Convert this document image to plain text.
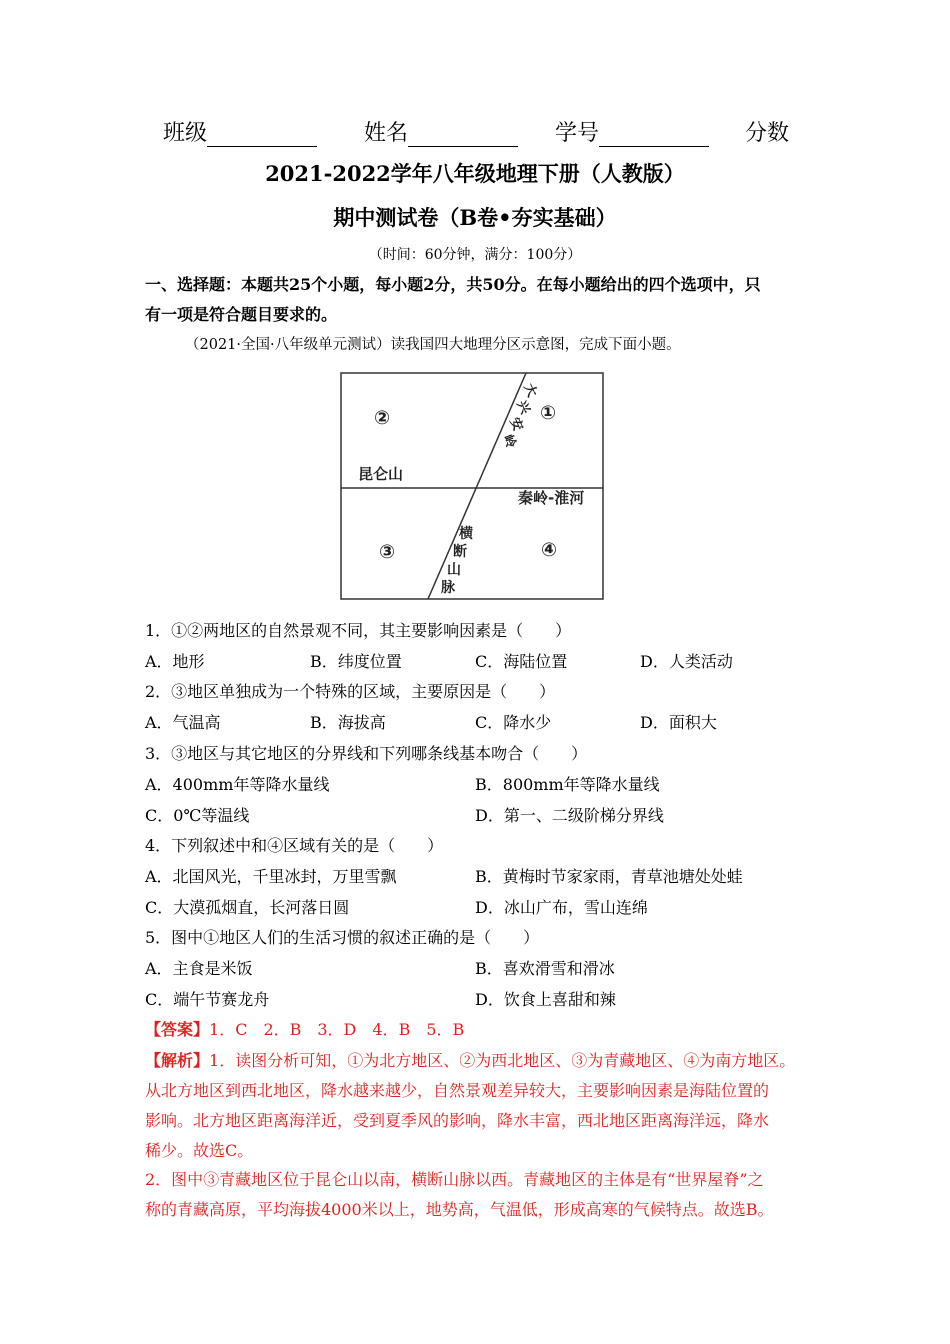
班级	姓名	学号	分数
2021-2022学年八年级地理下册（人教版）
期中测试卷（B卷•夯实基础）
（时间：60分钟，满分：100分）
一、选择题：本题共25个小题，每小题2分，共50分。在每小题给出的四个选项中，只
有一项是符合题目要求的。
（2021·全国·八年级单元测试）读我国四大地理分区示意图，完成下面小题。
②	①
③	④
大
兴
安
岭
昆仑山
秦岭-淮河
横
断
山
脉
1．①②两地区的自然景观不同，其主要影响因素是（　　）
A．地形	B．纬度位置	C．海陆位置	D．人类活动
2．③地区单独成为一个特殊的区域，主要原因是（　　）
A．气温高	B．海拔高	C．降水少	D．面积大
3．③地区与其它地区的分界线和下列哪条线基本吻合（　　）
A．400mm年等降水量线	B．800mm年等降水量线
C．0℃等温线	D．第一、二级阶梯分界线
4．下列叙述中和④区域有关的是（　　）
A．北国风光，千里冰封，万里雪飘	B．黄梅时节家家雨，青草池塘处处蛙
C．大漠孤烟直，长河落日圆	D．冰山广布，雪山连绵
5．图中①地区人们的生活习惯的叙述正确的是（　　）
A．主食是米饭	B．喜欢滑雪和滑冰
C．端午节赛龙舟	D．饮食上喜甜和辣
【答案】1．C　2．B　3．D　4．B　5．B
【解析】1．读图分析可知，①为北方地区、②为西北地区、③为青藏地区、④为南方地区。
从北方地区到西北地区，降水越来越少，自然景观差异较大，主要影响因素是海陆位置的
影响。北方地区距离海洋近，受到夏季风的影响，降水丰富，西北地区距离海洋远，降水
稀少。故选C。
2．图中③青藏地区位于昆仑山以南，横断山脉以西。青藏地区的主体是有“世界屋脊”之
称的青藏高原，平均海拔4000米以上，地势高，气温低，形成高寒的气候特点。故选B。
